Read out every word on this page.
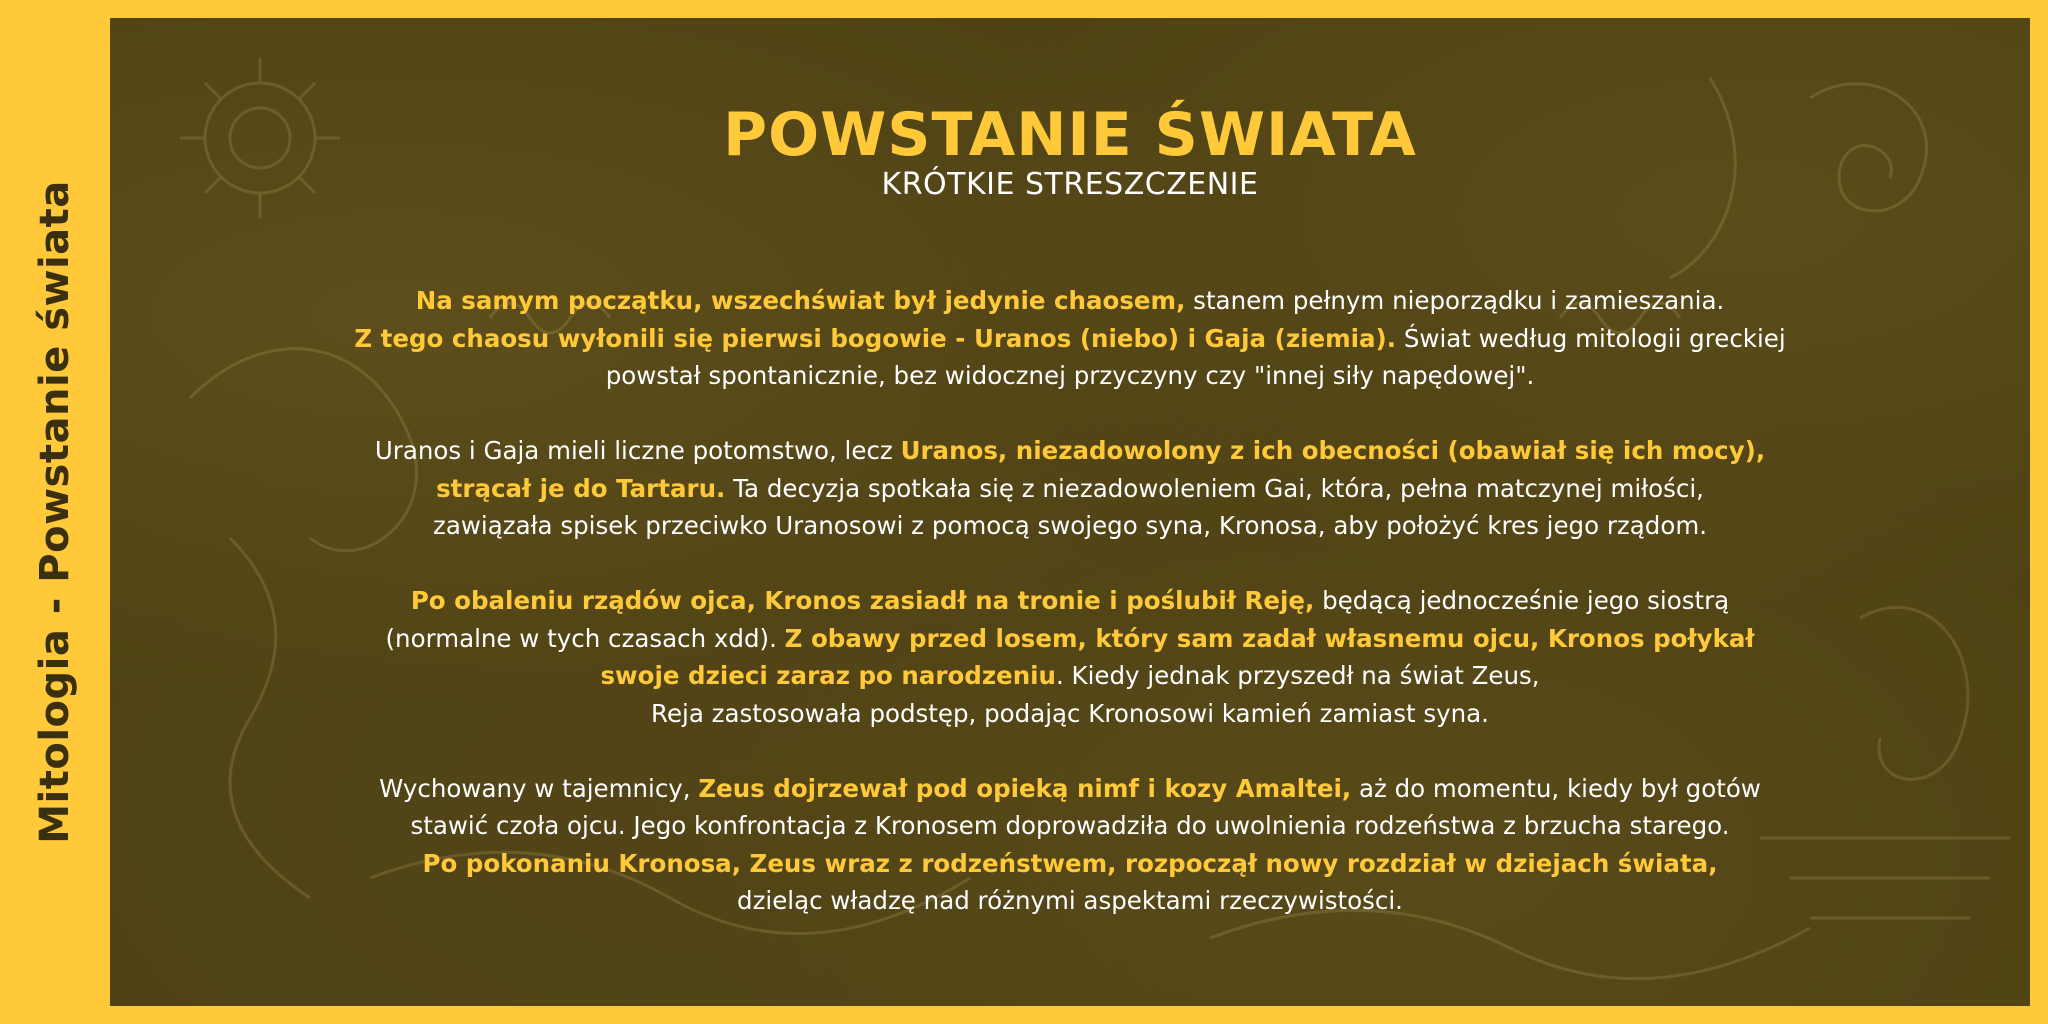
Mitologia - Powstanie świata
POWSTANIE ŚWIATA
KRÓTKIE STRESZCZENIE

Na samym początku, wszechświat był jedynie chaosem, stanem pełnym nieporządku i zamieszania.
Z tego chaosu wyłonili się pierwsi bogowie - Uranos (niebo) i Gaja (ziemia). Świat według mitologii greckiej
powstał spontanicznie, bez widocznej przyczyny czy "innej siły napędowej".

Uranos i Gaja mieli liczne potomstwo, lecz Uranos, niezadowolony z ich obecności (obawiał się ich mocy),
strącał je do Tartaru. Ta decyzja spotkała się z niezadowoleniem Gai, która, pełna matczynej miłości,
zawiązała spisek przeciwko Uranosowi z pomocą swojego syna, Kronosa, aby położyć kres jego rządom.

Po obaleniu rządów ojca, Kronos zasiadł na tronie i poślubił Reję, będącą jednocześnie jego siostrą
(normalne w tych czasach xdd). Z obawy przed losem, który sam zadał własnemu ojcu, Kronos połykał
swoje dzieci zaraz po narodzeniu. Kiedy jednak przyszedł na świat Zeus,
Reja zastosowała podstęp, podając Kronosowi kamień zamiast syna.

Wychowany w tajemnicy, Zeus dojrzewał pod opieką nimf i kozy Amaltei, aż do momentu, kiedy był gotów
stawić czoła ojcu. Jego konfrontacja z Kronosem doprowadziła do uwolnienia rodzeństwa z brzucha starego.
Po pokonaniu Kronosa, Zeus wraz z rodzeństwem, rozpoczął nowy rozdział w dziejach świata,
dzieląc władzę nad różnymi aspektami rzeczywistości.
